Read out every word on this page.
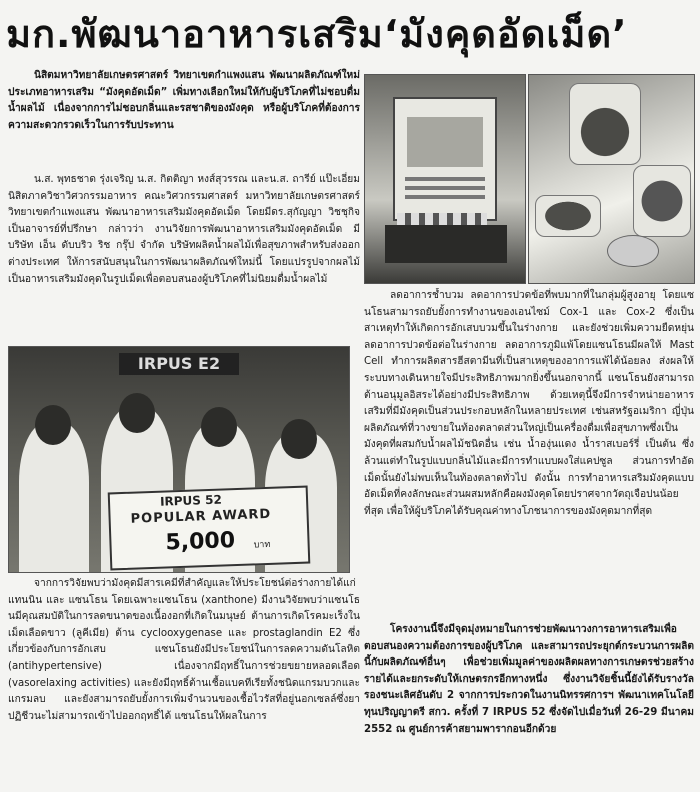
มก.พัฒนาอาหารเสริม‘มังคุดอัดเม็ด’

นิสิตมหาวิทยาลัยเกษตรศาสตร์ วิทยาเขตกำแพงแสน พัฒนาผลิตภัณฑ์ใหม่ประเภทอาหารเสริม “มังคุดอัดเม็ด” เพิ่มทางเลือกใหม่ให้กับผู้บริโภคที่ไม่ชอบดื่มน้ำผลไม้ เนื่องจากการไม่ชอบกลิ่นและรสชาติของมังคุด หรือผู้บริโภคที่ต้องการความสะดวกรวดเร็วในการรับประทาน

น.ส. พุทธชาด รุ่งเจริญ น.ส. กิตติญา หงส์สุวรรณ และน.ส. ถารีย์ แป๊ะเอี่ยม นิสิตภาควิชาวิศวกรรมอาหาร คณะวิศวกรรมศาสตร์ มหาวิทยาลัยเกษตรศาสตร์ วิทยาเขตกำแพงแสน พัฒนาอาหารเสริมมังคุดอัดเม็ด โดยมีดร.สุกัญญา วิชชุกิจ เป็นอาจารย์ที่ปรึกษา กล่าวว่า งานวิจัยการพัฒนาอาหารเสริมมังคุดอัดเม็ด มี บริษัท เอ็น ดับบริว ริช กรุ๊ป จำกัด บริษัทผลิตน้ำผลไม้เพื่อสุขภาพสำหรับส่งออกต่างประเทศ ให้การสนับสนุนในการพัฒนาผลิตภัณฑ์ใหม่นี้ โดยแปรรูปจากผลไม้เป็นอาหารเสริมมังคุดในรูปเม็ดเพื่อตอบสนองผู้บริโภคที่ไม่นิยมดื่มน้ำผลไม้

ลดอาการช้ำบวม ลดอาการปวดข้อที่พบมากที่ในกลุ่มผู้สูงอายุ โดยแซนโธนสามารถยับยั้งการทำงานของเอนไซม์ Cox-1 และ Cox-2 ซึ่งเป็นสาเหตุทำให้เกิดการอักเสบบวมขึ้นในร่างกาย และยังช่วยเพิ่มความยืดหยุ่นลดอาการปวดข้อต่อในร่างกาย ลดอาการภูมิแพ้โดยแซนโธนมีผลให้ Mast Cell ทำการผลิตสารฮีสตามีนที่เป็นสาเหตุของอาการแพ้ได้น้อยลง ส่งผลให้ระบบทางเดินหายใจมีประสิทธิภาพมากยิ่งขึ้นนอกจากนี้ แซนโธนยังสามารถต้านอนุมูลอิสระได้อย่างมีประสิทธิภาพ ด้วยเหตุนี้จึงมีการจำหน่ายอาหารเสริมที่มีมังคุดเป็นส่วนประกอบหลักในหลายประเทศ เช่นสหรัฐอเมริกา ญี่ปุ่น ผลิตภัณฑ์ที่วางขายในท้องตลาดส่วนใหญ่เป็นเครื่องดื่มเพื่อสุขภาพซึ่งเป็นมังคุดที่ผสมกับน้ำผลไม้ชนิดอื่น เช่น น้ำองุ่นแดง น้ำราสเบอร์รี่ เป็นต้น ซึ่งล้วนแต่ทำในรูปแบบกลิ่นไม้และมีการทำแบบผงใส่แคปซูล ส่วนการทำอัดเม็ดนั้นยังไม่พบเห็นในท้องตลาดทั่วไป ดังนั้น การทำอาหารเสริมมังคุดแบบอัดเม็ดที่คงลักษณะส่วนผสมหลักคือผงมังคุดโดยปราศจากวัตถุเจือปนน้อยที่สุด เพื่อให้ผู้บริโภคได้รับคุณค่าทางโภชนาการของมังคุดมากที่สุด

IRPUS E2
IRPUS 52
POPULAR AWARD
5,000 บาท

จากการวิจัยพบว่ามังคุดมีสารเคมีที่สำคัญและให้ประโยชน์ต่อร่างกายได้แก่ แทนนิน และ แซนโธน โดยเฉพาะแซนโธน (xanthone) มีงานวิจัยพบว่าแซนโธนมีคุณสมบัติในการลดขนาดของเนื้องอกที่เกิดในมนุษย์ ต้านการเกิดโรคมะเร็งในเม็ดเลือดขาว (ลูคีเมีย) ต้าน cyclooxygenase และ prostaglandin E2 ซึ่งเกี่ยวข้องกับการอักเสบ แซนโธนยังมีประโยชน์ในการลดความดันโลหิต (antihypertensive) เนื่องจากมีฤทธิ์ในการช่วยขยายหลอดเลือด (vasorelaxing activities) และยังมีฤทธิ์ต้านเชื้อแบคทีเรียทั้งชนิดแกรมบวกและแกรมลบ และยังสามารถยับยั้งการเพิ่มจำนวนของเชื้อไวรัสที่อยู่นอกเซลล์ซึ่งยาปฏิชีวนะไม่สามารถเข้าไปออกฤทธิ์ได้ แซนโธนให้ผลในการ

โครงงานนี้จึงมีจุดมุ่งหมายในการช่วยพัฒนาวงการอาหารเสริมเพื่อตอบสนองความต้องการของผู้บริโภค และสามารถประยุกต์กระบวนการผลิตนี้กับผลิตภัณฑ์อื่นๆ เพื่อช่วยเพิ่มมูลค่าของผลิตผลทางการเกษตรช่วยสร้างรายได้และยกระดับให้เกษตรกรอีกทางหนึ่ง ซึ่งงานวิจัยชิ้นนี้ยังได้รับรางวัลรองชนะเลิศอันดับ 2 จากการประกวดในงานนิทรรศการฯ พัฒนาเทคโนโลยีทุนปริญญาตรี สกว. ครั้งที่ 7 IRPUS 52 ซึ่งจัดไปเมื่อวันที่ 26-29 มีนาคม 2552 ณ ศูนย์การค้าสยามพารากอนอีกด้วย
